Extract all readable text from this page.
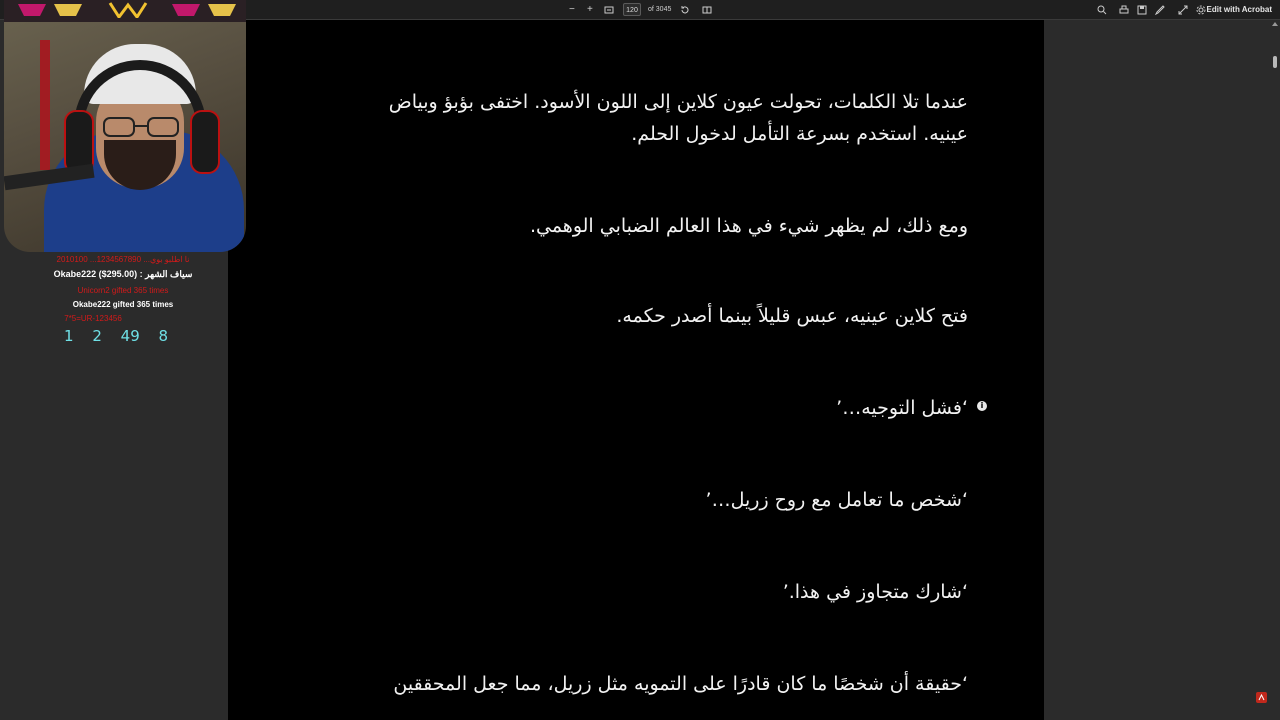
− +	120	of 3045	Edit with Acrobat
عندما تلا الكلمات، تحولت عيون كلاين إلى اللون الأسود. اختفى بؤبؤ وبياض
عينيه. استخدم بسرعة التأمل لدخول الحلم.
ومع ذلك، لم يظهر شيء في هذا العالم الضبابي الوهمي.
فتح كلاين عينيه، عبس قليلاً بينما أصدر حكمه.
‘فشل التوجيه…’	i
‘شخص ما تعامل مع روح زريل…’
‘شارك متجاوز في هذا.’
‘حقيقة أن شخصًا ما كان قادرًا على التمويه مثل زريل، مما جعل المحققين
نا اطلبو بوي... 1234567890... 2010100
Okabe222 ($295.00) : سياف الشهر
Unicorn2 gifted 365 times
Okabe222 gifted 365 times
7*5=UR-123456
1 2 49 8
